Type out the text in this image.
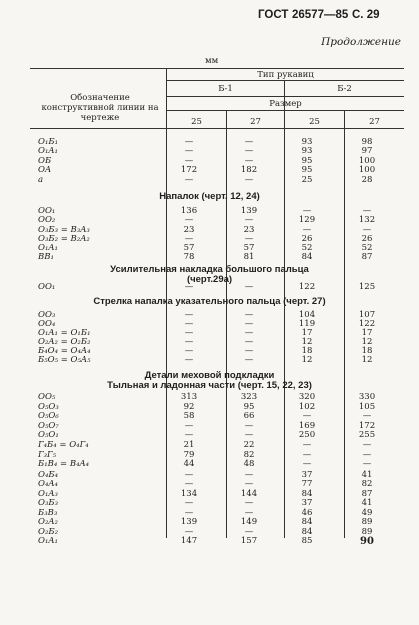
ГОСТ 26577—85 С. 29
Продолжение
мм
Обозначение конструктивной линии на чертеже
Тип рукавиц
Б-1	Б-2
Размер
25	27	25	27
O₁Б₁	—	—	93	98
O₁A₁	—	—	93	97
OБ	—	—	95	100
OA	172	182	95	100
a	—	—	25	28
Напалок (черт. 12, 24)
OO₁	136	139	—	—
OO₂	—	—	129	132
O₃Б₃ = B₃A₃	23	23	—	—
O₃Б₂ = B₂A₂	—	—	26	26
O₁A₁	57	57	52	52
BB₁	78	81	84	87
Усилительная накладка большого пальца
(черт.29а)
OO₁	—	—	122	125
Стрелка напалка указательного пальца (черт. 27)
OO₃	—	—	104	107
OO₄	—	—	119	122
O₁A₁ = O₁Б₁	—	—	17	17
O₂A₂ = O₂Б₂	—	—	12	12
Б₄O₄ = O₄A₄	—	—	18	18
Б₅O₅ = O₅A₅	—	—	12	12
Детали меховой подкладки
Тыльная и ладонная части (черт. 15, 22, 23)
OO₅	313	323	320	330
O₅O₃	92	95	102	105
O₅O₆	58	66	—	—
O₅O₇	—	—	169	172
O₅O₁	—	—	250	255
Г₄Б₄ = O₄Г₄	21	22	—	—
Г₃Г₅	79	82	—	—
Б₁B₄ = B₄A₄	44	48	—	—
O₄Б₄	—	—	37	41
O₄A₄	—	—	77	82
O₁A₃	134	144	84	87
O₃Б₃	—	—	37	41
Б₃B₃	—	—	46	49
O₂A₂	139	149	84	89
O₂Б₂	—	—	84	89
O₁A₁	147	157	85	90
